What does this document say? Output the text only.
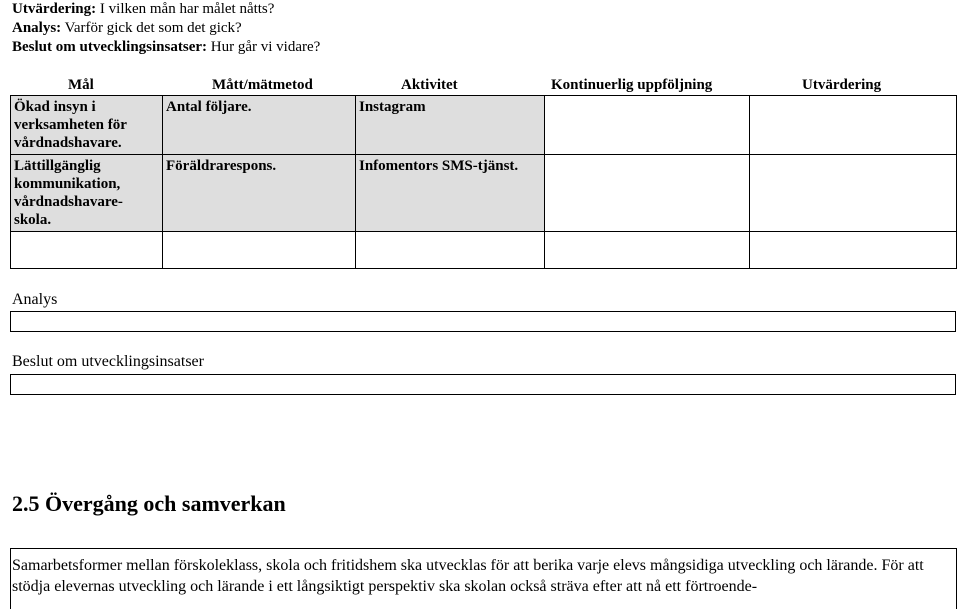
Utvärdering: I vilken mån har målet nåtts?
Analys: Varför gick det som det gick?
Beslut om utvecklingsinsatser: Hur går vi vidare?
Mål	Mått/mätmetod	Aktivitet	Kontinuerlig uppföljning	Utvärdering
Ökad insyn i verksamheten för vårdnadshavare.	Antal följare.	Instagram		
Lättillgänglig kommunikation, vårdnadshavare-skola.	Föräldrarespons.	Infomentors SMS-tjänst.		

Analys
Beslut om utvecklingsinsatser
2.5 Övergång och samverkan
Samarbetsformer mellan förskoleklass, skola och fritidshem ska utvecklas för att berika varje elevs mångsidiga utveckling och lärande. För att stödja elevernas utveckling och lärande i ett långsiktigt perspektiv ska skolan också sträva efter att nå ett förtroende-
